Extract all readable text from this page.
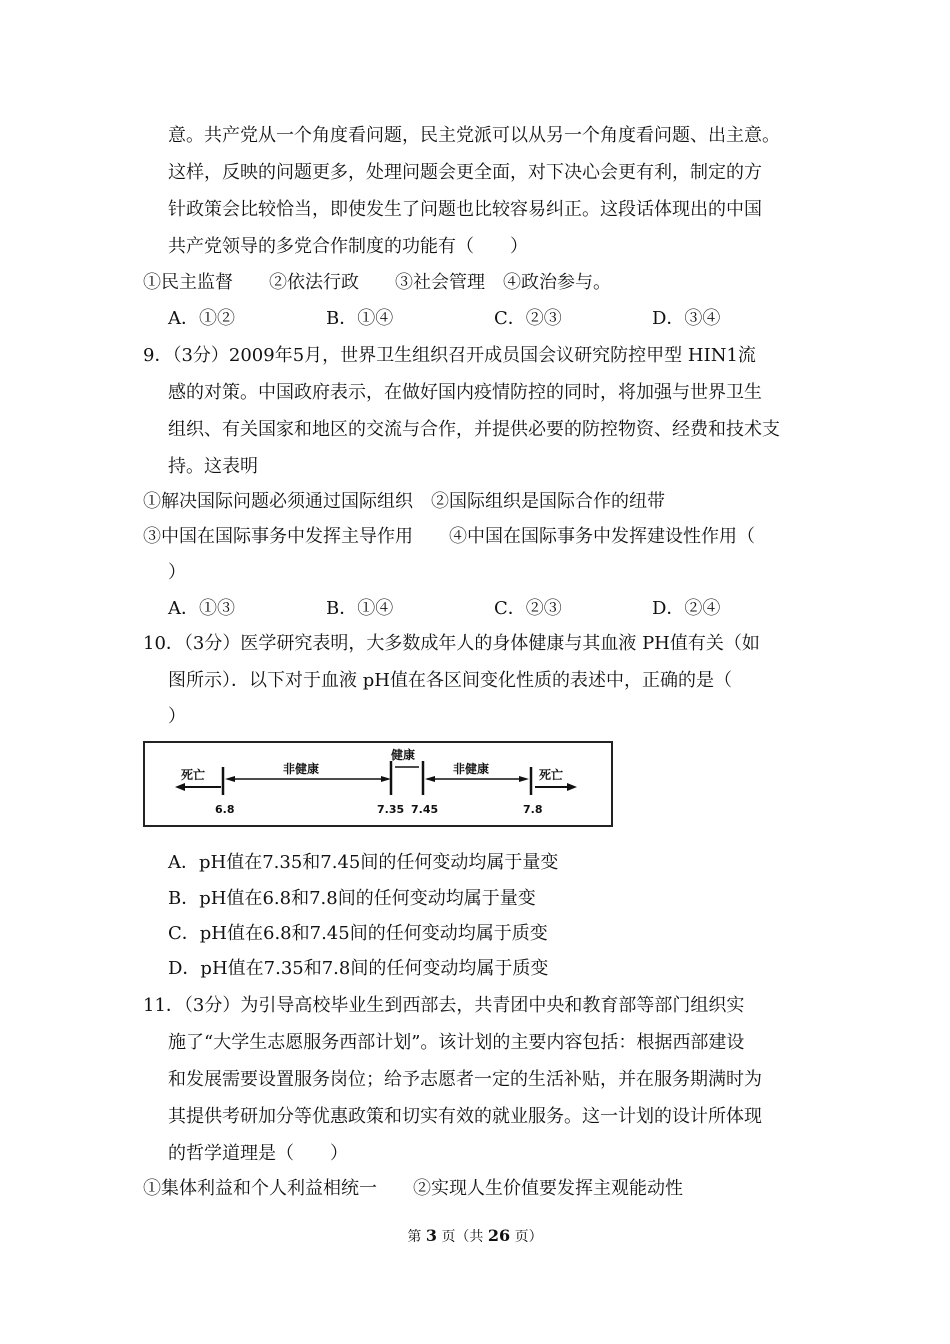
意。共产党从一个角度看问题，民主党派可以从另一个角度看问题、出主意。
这样，反映的问题更多，处理问题会更全面，对下决心会更有利，制定的方
针政策会比较恰当，即使发生了问题也比较容易纠正。这段话体现出的中国
共产党领导的多党合作制度的功能有（　　）
①民主监督　　②依法行政　　③社会管理　④政治参与。
A．①②	B．①④	C．②③	D．③④
9．（3分）2009年5月，世界卫生组织召开成员国会议研究防控甲型 HIN1流
感的对策。中国政府表示，在做好国内疫情防控的同时，将加强与世界卫生
组织、有关国家和地区的交流与合作，并提供必要的防控物资、经费和技术支
持。这表明
①解决国际问题必须通过国际组织　②国际组织是国际合作的纽带
③中国在国际事务中发挥主导作用　　④中国在国际事务中发挥建设性作用（
）
A．①③	B．①④	C．②③	D．②④
10．（3分）医学研究表明，大多数成年人的身体健康与其血液 PH值有关（如
图所示）．以下对于血液 pH值在各区间变化性质的表述中，正确的是（
）
死亡	非健康
健康
非健康	死亡
6.8	7.35 7.45	7.8
A．pH值在7.35和7.45间的任何变动均属于量变
B．pH值在6.8和7.8间的任何变动均属于量变
C．pH值在6.8和7.45间的任何变动均属于质变
D．pH值在7.35和7.8间的任何变动均属于质变
11．（3分）为引导高校毕业生到西部去，共青团中央和教育部等部门组织实
施了“大学生志愿服务西部计划”。该计划的主要内容包括：根据西部建设
和发展需要设置服务岗位；给予志愿者一定的生活补贴，并在服务期满时为
其提供考研加分等优惠政策和切实有效的就业服务。这一计划的设计所体现
的哲学道理是（　　）
①集体利益和个人利益相统一　　②实现人生价值要发挥主观能动性
第 3 页（共 26 页）
